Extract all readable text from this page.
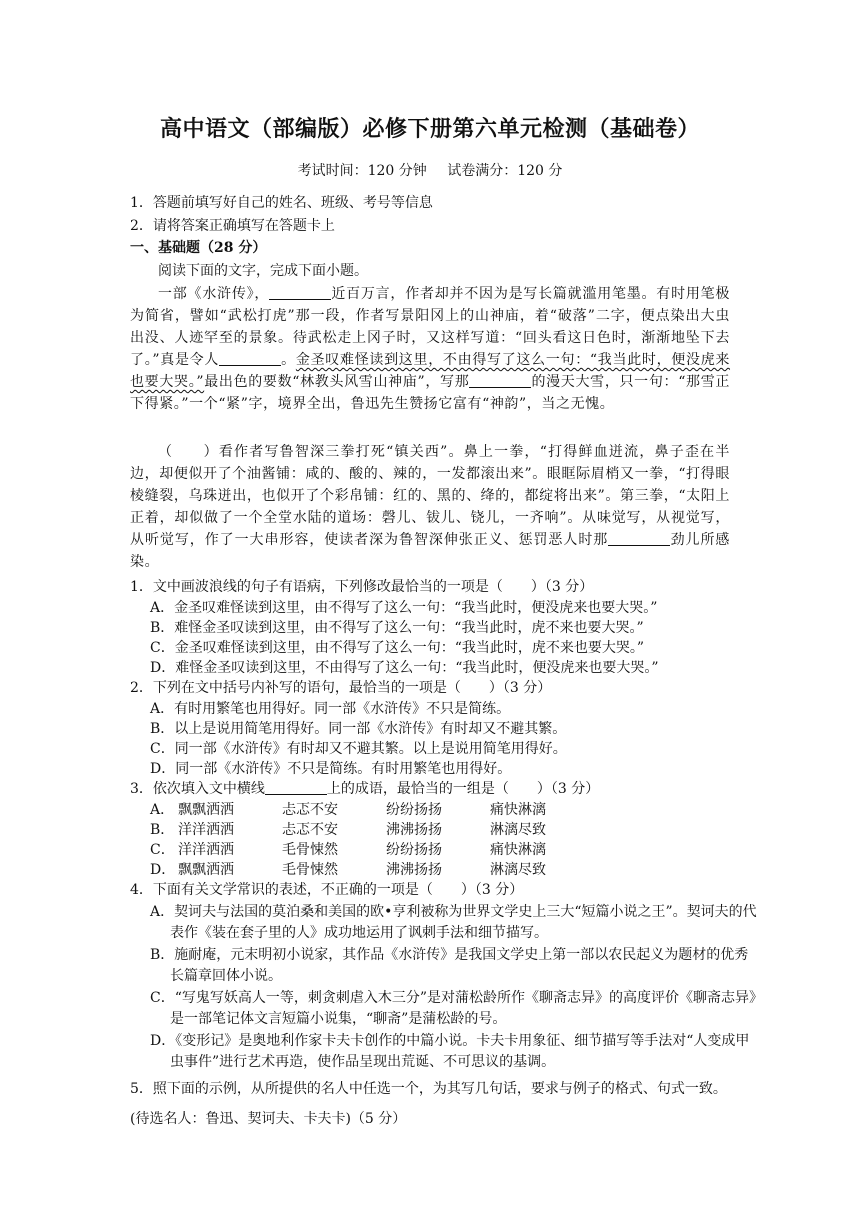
高中语文（部编版）必修下册第六单元检测（基础卷）
考试时间：120 分钟 试卷满分：120 分
1．答题前填写好自己的姓名、班级、考号等信息
2．请将答案正确填写在答题卡上
一、基础题（28 分）
阅读下面的文字，完成下面小题。
一部《水浒传》，	近百万言，作者却并不因为是写长篇就滥用笔墨。有时用笔极为简省，譬如“武松打虎”那一段，作者写景阳冈上的山神庙，着“破落”二字，便点染出大虫出没、人迹罕至的景象。待武松走上冈子时，又这样写道：“回头看这日色时，渐渐地坠下去了。”真是令人	。金圣叹难怪读到这里，不由得写了这么一句：“我当此时，便没虎来也要大哭。”最出色的要数“林教头风雪山神庙”，写那	的漫天大雪，只一句：“那雪正下得紧。”一个“紧”字，境界全出，鲁迅先生赞扬它富有“神韵”，当之无愧。
（　　）看作者写鲁智深三拳打死“镇关西”。鼻上一拳，“打得鲜血迸流，鼻子歪在半边，却便似开了个油酱铺：咸的、酸的、辣的，一发都滚出来”。眼眶际眉梢又一拳，“打得眼棱缝裂，乌珠迸出，也似开了个彩帛铺：红的、黑的、绛的，都绽将出来”。第三拳，“太阳上正着，却似做了一个全堂水陆的道场：磬儿、钹儿、铙儿，一齐响”。从味觉写，从视觉写，从听觉写，作了一大串形容，使读者深为鲁智深伸张正义、惩罚恶人时那	劲儿所感染。
1．文中画波浪线的句子有语病，下列修改最恰当的一项是（　　）（3 分）
A．金圣叹难怪读到这里，由不得写了这么一句：“我当此时，便没虎来也要大哭。”
B．难怪金圣叹读到这里，由不得写了这么一句：“我当此时，虎不来也要大哭。”
C．金圣叹难怪读到这里，由不得写了这么一句：“我当此时，虎不来也要大哭。”
D．难怪金圣叹读到这里，不由得写了这么一句：“我当此时，便没虎来也要大哭。”
2．下列在文中括号内补写的语句，最恰当的一项是（　　）（3 分）
A．有时用繁笔也用得好。同一部《水浒传》不只是简练。
B．以上是说用简笔用得好。同一部《水浒传》有时却又不避其繁。
C．同一部《水浒传》有时却又不避其繁。以上是说用简笔用得好。
D．同一部《水浒传》不只是简练。有时用繁笔也用得好。
3．依次填入文中横线	上的成语，最恰当的一组是（　　）（3 分）
A． 飘飘洒洒	忐忑不安	纷纷扬扬	痛快淋漓
B． 洋洋洒洒	忐忑不安	沸沸扬扬	淋漓尽致
C． 洋洋洒洒	毛骨悚然	纷纷扬扬	痛快淋漓
D． 飘飘洒洒	毛骨悚然	沸沸扬扬	淋漓尽致
4．下面有关文学常识的表述，不正确的一项是（　　）（3 分）
A．契诃夫与法国的莫泊桑和美国的欧•亨利被称为世界文学史上三大“短篇小说之王”。契诃夫的代表作《装在套子里的人》成功地运用了讽刺手法和细节描写。
B．施耐庵，元末明初小说家，其作品《水浒传》是我国文学史上第一部以农民起义为题材的优秀长篇章回体小说。
C．“写鬼写妖高人一等，刺贪刺虐入木三分”是对蒲松龄所作《聊斋志异》的高度评价《聊斋志异》是一部笔记体文言短篇小说集，“聊斋”是蒲松龄的号。
D．《变形记》是奥地利作家卡夫卡创作的中篇小说。卡夫卡用象征、细节描写等手法对“人变成甲虫事件”进行艺术再造，使作品呈现出荒诞、不可思议的基调。
5．照下面的示例，从所提供的名人中任选一个，为其写几句话，要求与例子的格式、句式一致。(待选名人：鲁迅、契诃夫、卡夫卡)（5 分）
